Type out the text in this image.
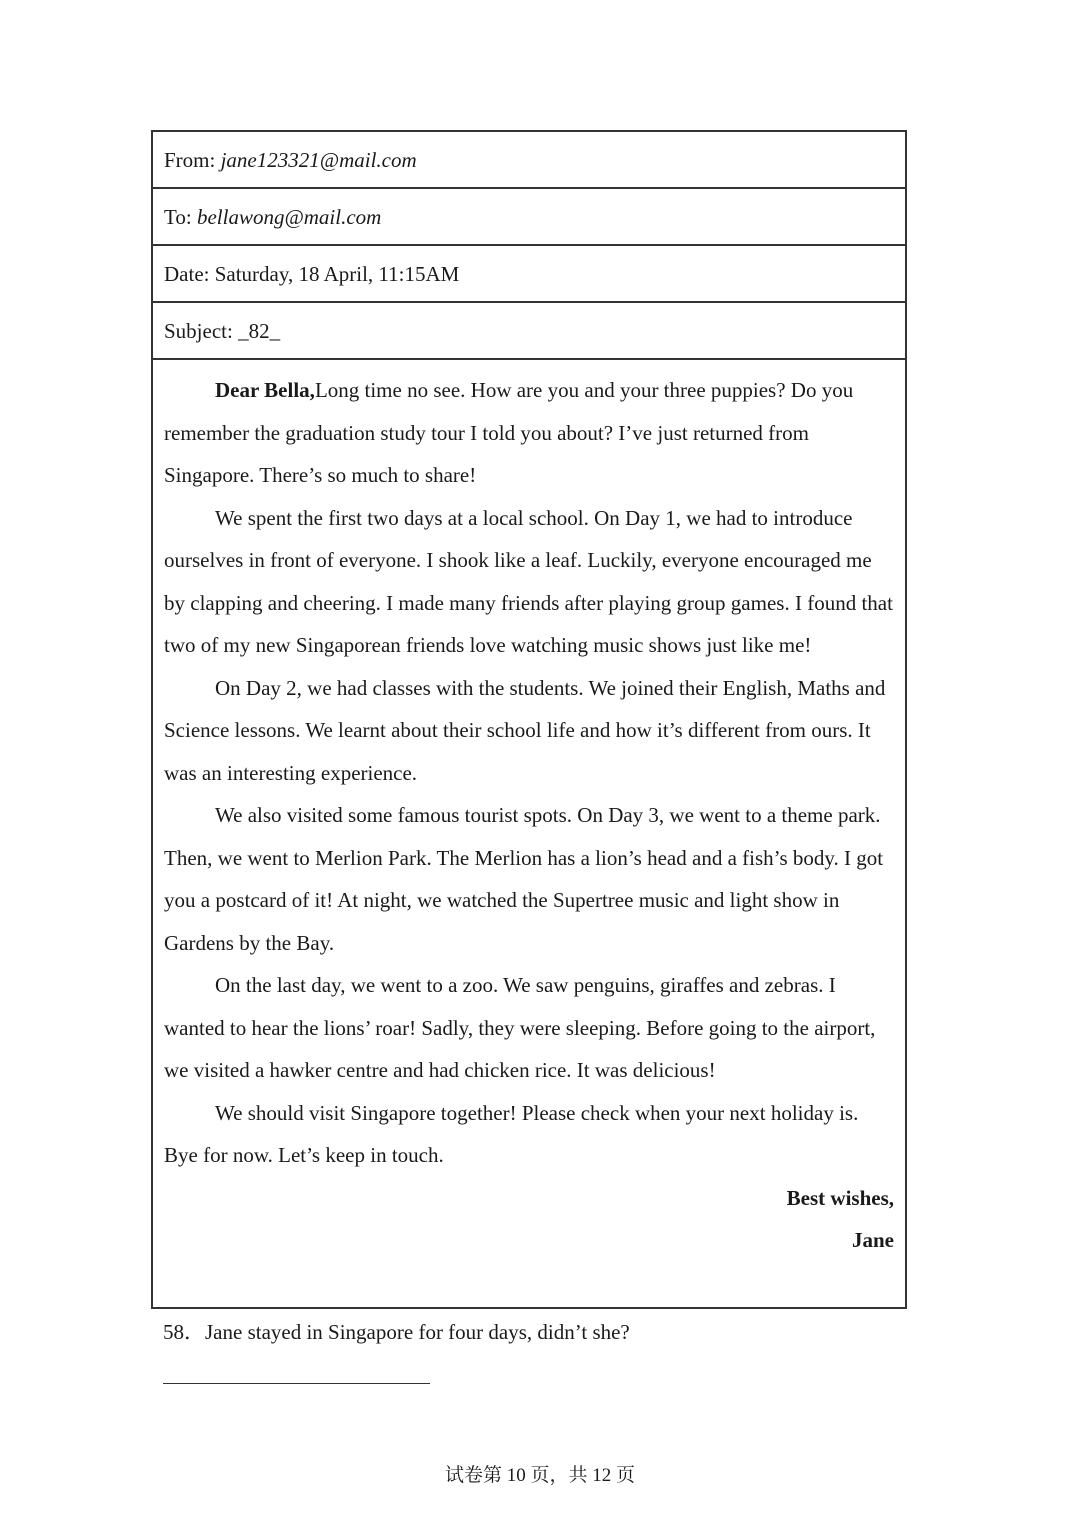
From: jane123321@mail.com
To: bellawong@mail.com
Date: Saturday, 18 April, 11:15AM
Subject: _82_

Dear Bella,Long time no see. How are you and your three puppies? Do you remember the graduation study tour I told you about? I’ve just returned from Singapore. There’s so much to share!

We spent the first two days at a local school. On Day 1, we had to introduce ourselves in front of everyone. I shook like a leaf. Luckily, everyone encouraged me by clapping and cheering. I made many friends after playing group games. I found that two of my new Singaporean friends love watching music shows just like me!

On Day 2, we had classes with the students. We joined their English, Maths and Science lessons. We learnt about their school life and how it’s different from ours. It was an interesting experience.

We also visited some famous tourist spots. On Day 3, we went to a theme park. Then, we went to Merlion Park. The Merlion has a lion’s head and a fish’s body. I got you a postcard of it! At night, we watched the Supertree music and light show in Gardens by the Bay.

On the last day, we went to a zoo. We saw penguins, giraffes and zebras. I wanted to hear the lions’ roar! Sadly, they were sleeping. Before going to the airport, we visited a hawker centre and had chicken rice. It was delicious!

We should visit Singapore together! Please check when your next holiday is. Bye for now. Let’s keep in touch.

Best wishes,

Jane

58．Jane stayed in Singapore for four days, didn’t she?
试卷第 10 页，共 12 页
